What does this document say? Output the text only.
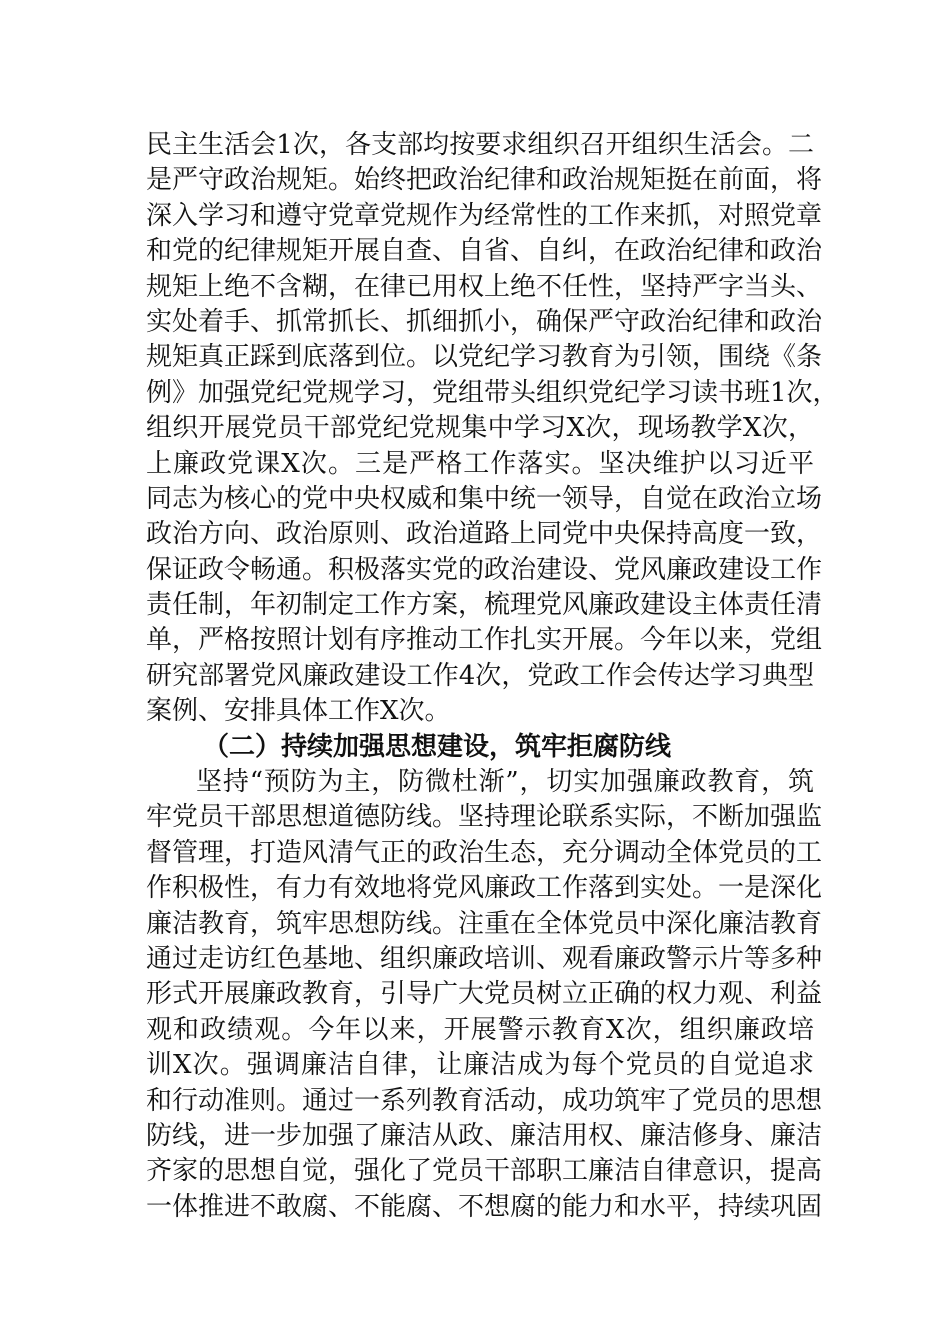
民主生活会1次，各支部均按要求组织召开组织生活会。二
是严守政治规矩。始终把政治纪律和政治规矩挺在前面，将
深入学习和遵守党章党规作为经常性的工作来抓，对照党章
和党的纪律规矩开展自查、自省、自纠，在政治纪律和政治
规矩上绝不含糊，在律已用权上绝不任性，坚持严字当头、
实处着手、抓常抓长、抓细抓小，确保严守政治纪律和政治
规矩真正踩到底落到位。以党纪学习教育为引领，围绕《条
例》加强党纪党规学习，党组带头组织党纪学习读书班1次，
组织开展党员干部党纪党规集中学习X次，现场教学X次，
上廉政党课X次。三是严格工作落实。坚决维护以习近平
同志为核心的党中央权威和集中统一领导，自觉在政治立场
政治方向、政治原则、政治道路上同党中央保持高度一致，
保证政令畅通。积极落实党的政治建设、党风廉政建设工作
责任制，年初制定工作方案，梳理党风廉政建设主体责任清
单，严格按照计划有序推动工作扎实开展。今年以来，党组
研究部署党风廉政建设工作4次，党政工作会传达学习典型
案例、安排具体工作X次。
（二）持续加强思想建设，筑牢拒腐防线
坚持“预防为主，防微杜渐”，切实加强廉政教育，筑
牢党员干部思想道德防线。坚持理论联系实际，不断加强监
督管理，打造风清气正的政治生态，充分调动全体党员的工
作积极性，有力有效地将党风廉政工作落到实处。一是深化
廉洁教育，筑牢思想防线。注重在全体党员中深化廉洁教育
通过走访红色基地、组织廉政培训、观看廉政警示片等多种
形式开展廉政教育，引导广大党员树立正确的权力观、利益
观和政绩观。今年以来，开展警示教育X次，组织廉政培
训X次。强调廉洁自律，让廉洁成为每个党员的自觉追求
和行动准则。通过一系列教育活动，成功筑牢了党员的思想
防线，进一步加强了廉洁从政、廉洁用权、廉洁修身、廉洁
齐家的思想自觉，强化了党员干部职工廉洁自律意识，提高
一体推进不敢腐、不能腐、不想腐的能力和水平，持续巩固
